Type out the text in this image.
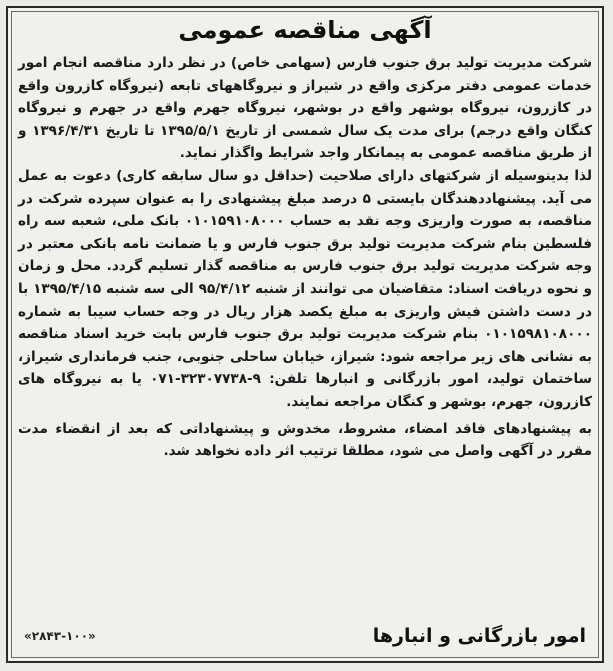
آگهی مناقصه عمومی

شرکت مدیریت تولید برق جنوب فارس (سهامی خاص) در نظر دارد مناقصه انجام امور خدمات عمومی دفتر مرکزی واقع در شیراز و نیروگاههای تابعه (نیروگاه کازرون واقع در کازرون، نیروگاه بوشهر واقع در بوشهر، نیروگاه جهرم واقع در جهرم و نیروگاه کنگان واقع درجم) برای مدت یک سال شمسی از تاریخ ۱۳۹۵/۵/۱ تا تاریخ ۱۳۹۶/۴/۳۱ و از طریق مناقصه عمومی به پیمانکار واجد شرایط واگذار نماید.

لذا بدینوسیله از شرکتهای دارای صلاحیت (حداقل دو سال سابقه کاری) دعوت به عمل می آید. پیشنهاددهندگان بایستی ۵ درصد مبلغ پیشنهادی را به عنوان سپرده شرکت در مناقصه، به صورت واریزی وجه نقد به حساب ۰۱۰۱۵۹۱۰۸۰۰۰ بانک ملی، شعبه سه راه فلسطین بنام شرکت مدیریت تولید برق جنوب فارس و یا ضمانت نامه بانکی معتبر در وجه شرکت مدیریت تولید برق جنوب فارس به مناقصه گذار تسلیم گردد. محل و زمان و نحوه دریافت اسناد: متقاضیان می توانند از شنبه ۹۵/۴/۱۲ الی سه شنبه ۱۳۹۵/۴/۱۵ با در دست داشتن فیش واریزی به مبلغ یکصد هزار ریال در وجه حساب سیبا به شماره ۰۱۰۱۵۹۸۱۰۸۰۰۰ بنام شرکت مدیریت تولید برق جنوب فارس بابت خرید اسناد مناقصه به نشانی های زیر مراجعه شود: شیراز، خیابان ساحلی جنوبی، جنب فرمانداری شیراز، ساختمان تولید، امور بازرگانی و انبارها تلفن: ۹-۳۲۳۰۷۷۳۸-۰۷۱ یا به نیروگاه های کازرون، جهرم، بوشهر و کنگان مراجعه نمایند.

به پیشنهادهای فاقد امضاء، مشروط، مخدوش و پیشنهاداتی که بعد از انقضاء مدت مقرر در آگهی واصل می شود، مطلقا ترتیب اثر داده نخواهد شد.

امور بازرگانی و انبارها
«۲۸۴۳-۱۰۰»
